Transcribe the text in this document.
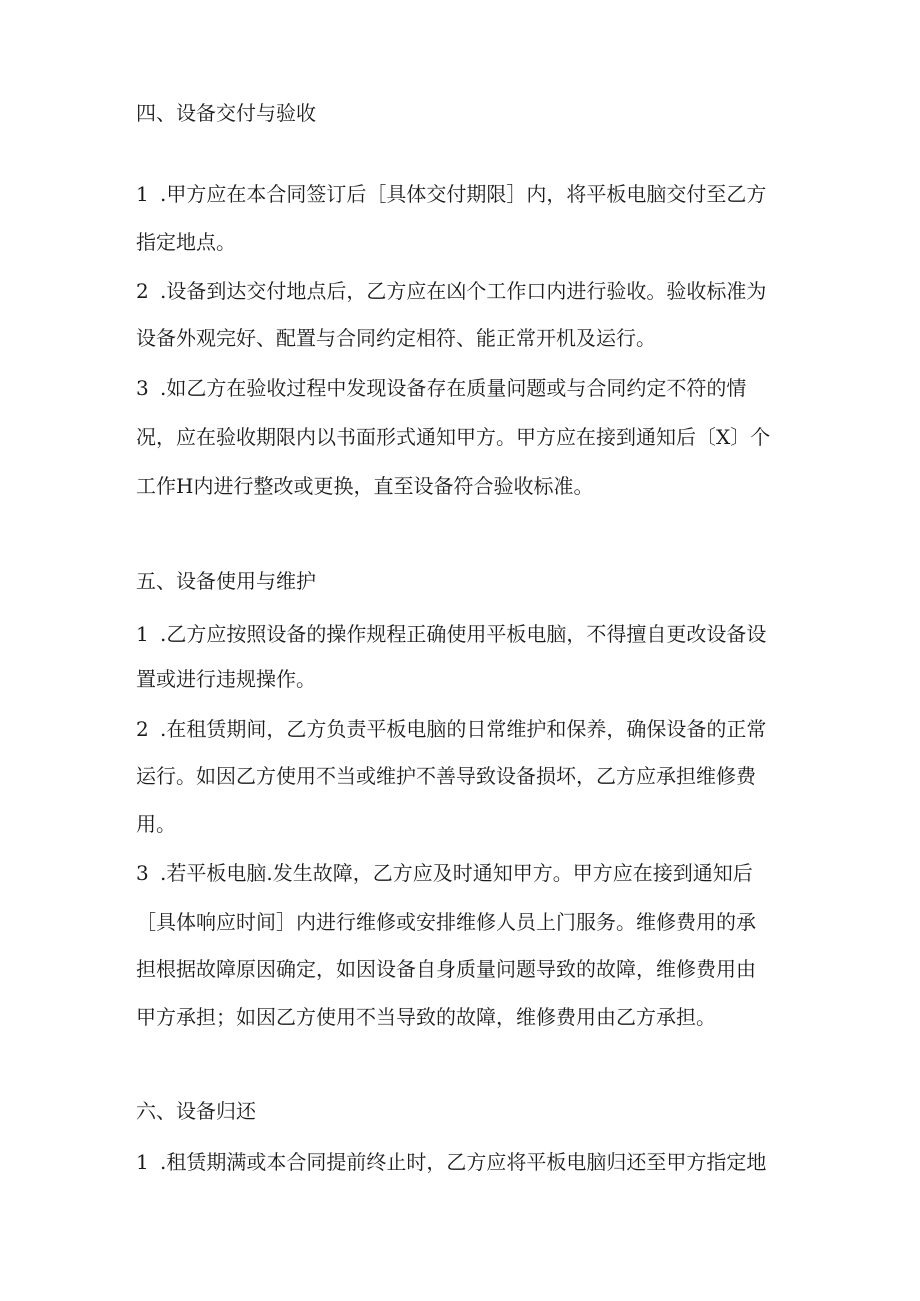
四、设备交付与验收
1 .甲方应在本合同签订后［具体交付期限］内，将平板电脑交付至乙方
指定地点。
2 .设备到达交付地点后，乙方应在凶个工作口内进行验收。验收标准为
设备外观完好、配置与合同约定相符、能正常开机及运行。
3 .如乙方在验收过程中发现设备存在质量问题或与合同约定不符的情
况，应在验收期限内以书面形式通知甲方。甲方应在接到通知后〔X〕个
工作H内进行整改或更换，直至设备符合验收标准。
五、设备使用与维护
1 .乙方应按照设备的操作规程正确使用平板电脑，不得擅自更改设备设
置或进行违规操作。
2 .在租赁期间，乙方负责平板电脑的日常维护和保养，确保设备的正常
运行。如因乙方使用不当或维护不善导致设备损坏，乙方应承担维修费
用。
3 .若平板电脑.发生故障，乙方应及时通知甲方。甲方应在接到通知后
［具体响应时间］内进行维修或安排维修人员上门服务。维修费用的承
担根据故障原因确定，如因设备自身质量问题导致的故障，维修费用由
甲方承担；如因乙方使用不当导致的故障，维修费用由乙方承担。
六、设备归还
1 .租赁期满或本合同提前终止时，乙方应将平板电脑归还至甲方指定地
